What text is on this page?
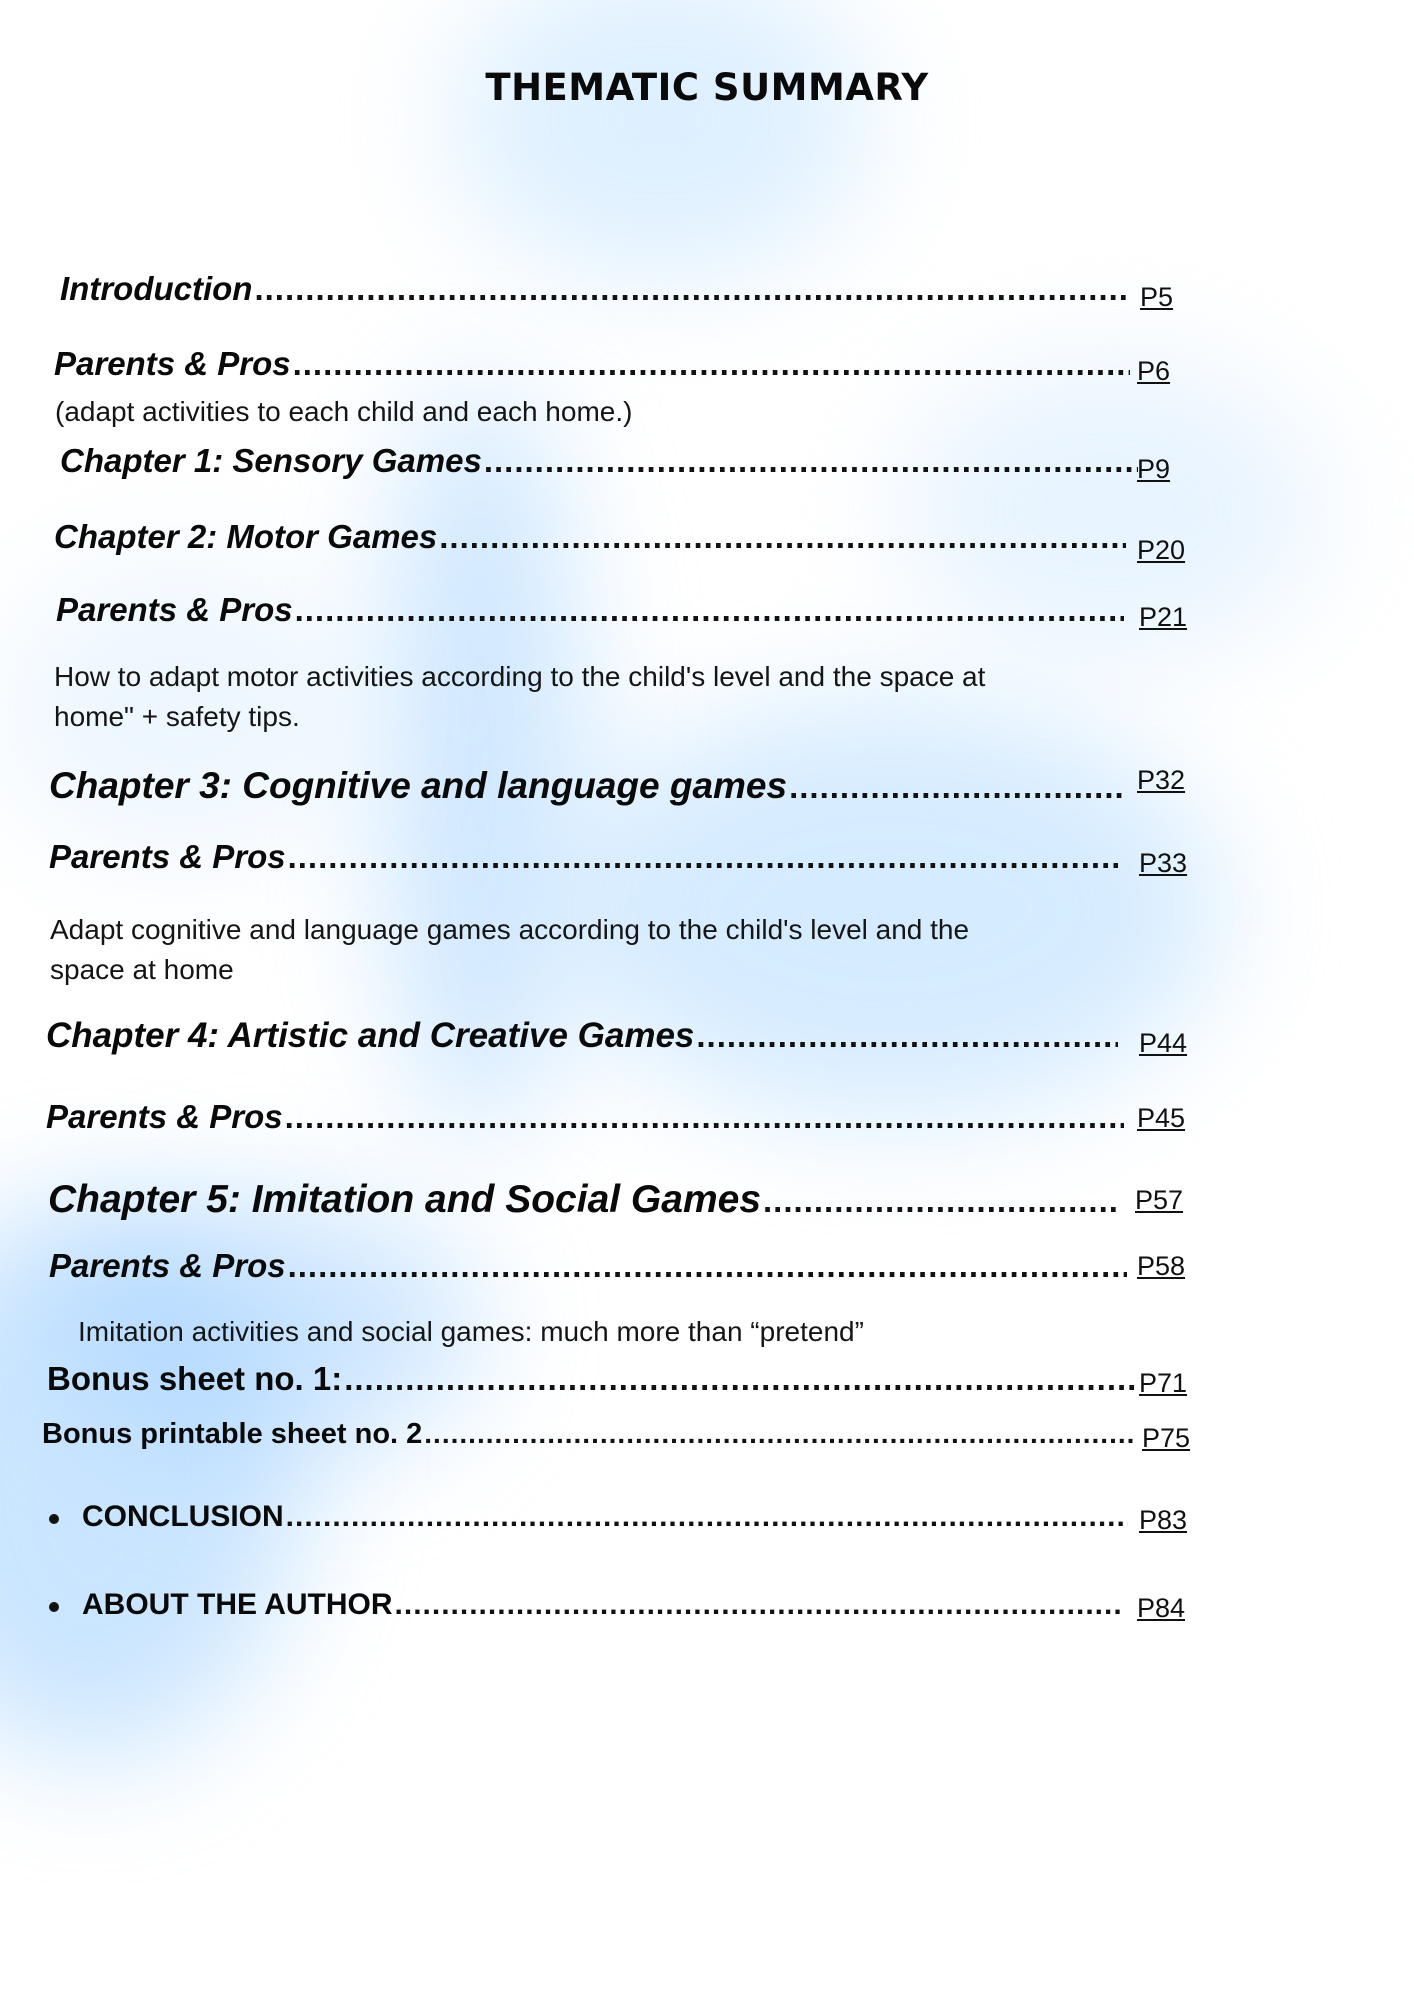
THEMATIC SUMMARY
Introduction .....	P5
Parents & Pros .....	P6
(adapt activities to each child and each home.)
Chapter 1: Sensory Games .....	P9
Chapter 2: Motor Games .....	P20
Parents & Pros .....	P21
How to adapt motor activities according to the child's level and the space at
home" + safety tips.
Chapter 3: Cognitive and language games .....	P32
Parents & Pros .....	P33
Adapt cognitive and language games according to the child's level and the
space at home
Chapter 4: Artistic and Creative Games .....	P44
Parents & Pros .....	P45
Chapter 5: Imitation and Social Games .....	P57
Parents & Pros .....	P58
Imitation activities and social games: much more than “pretend”
Bonus sheet no. 1: .....	P71
Bonus printable sheet no. 2 .....	P75
CONCLUSION .....	P83
ABOUT THE AUTHOR .....	P84
